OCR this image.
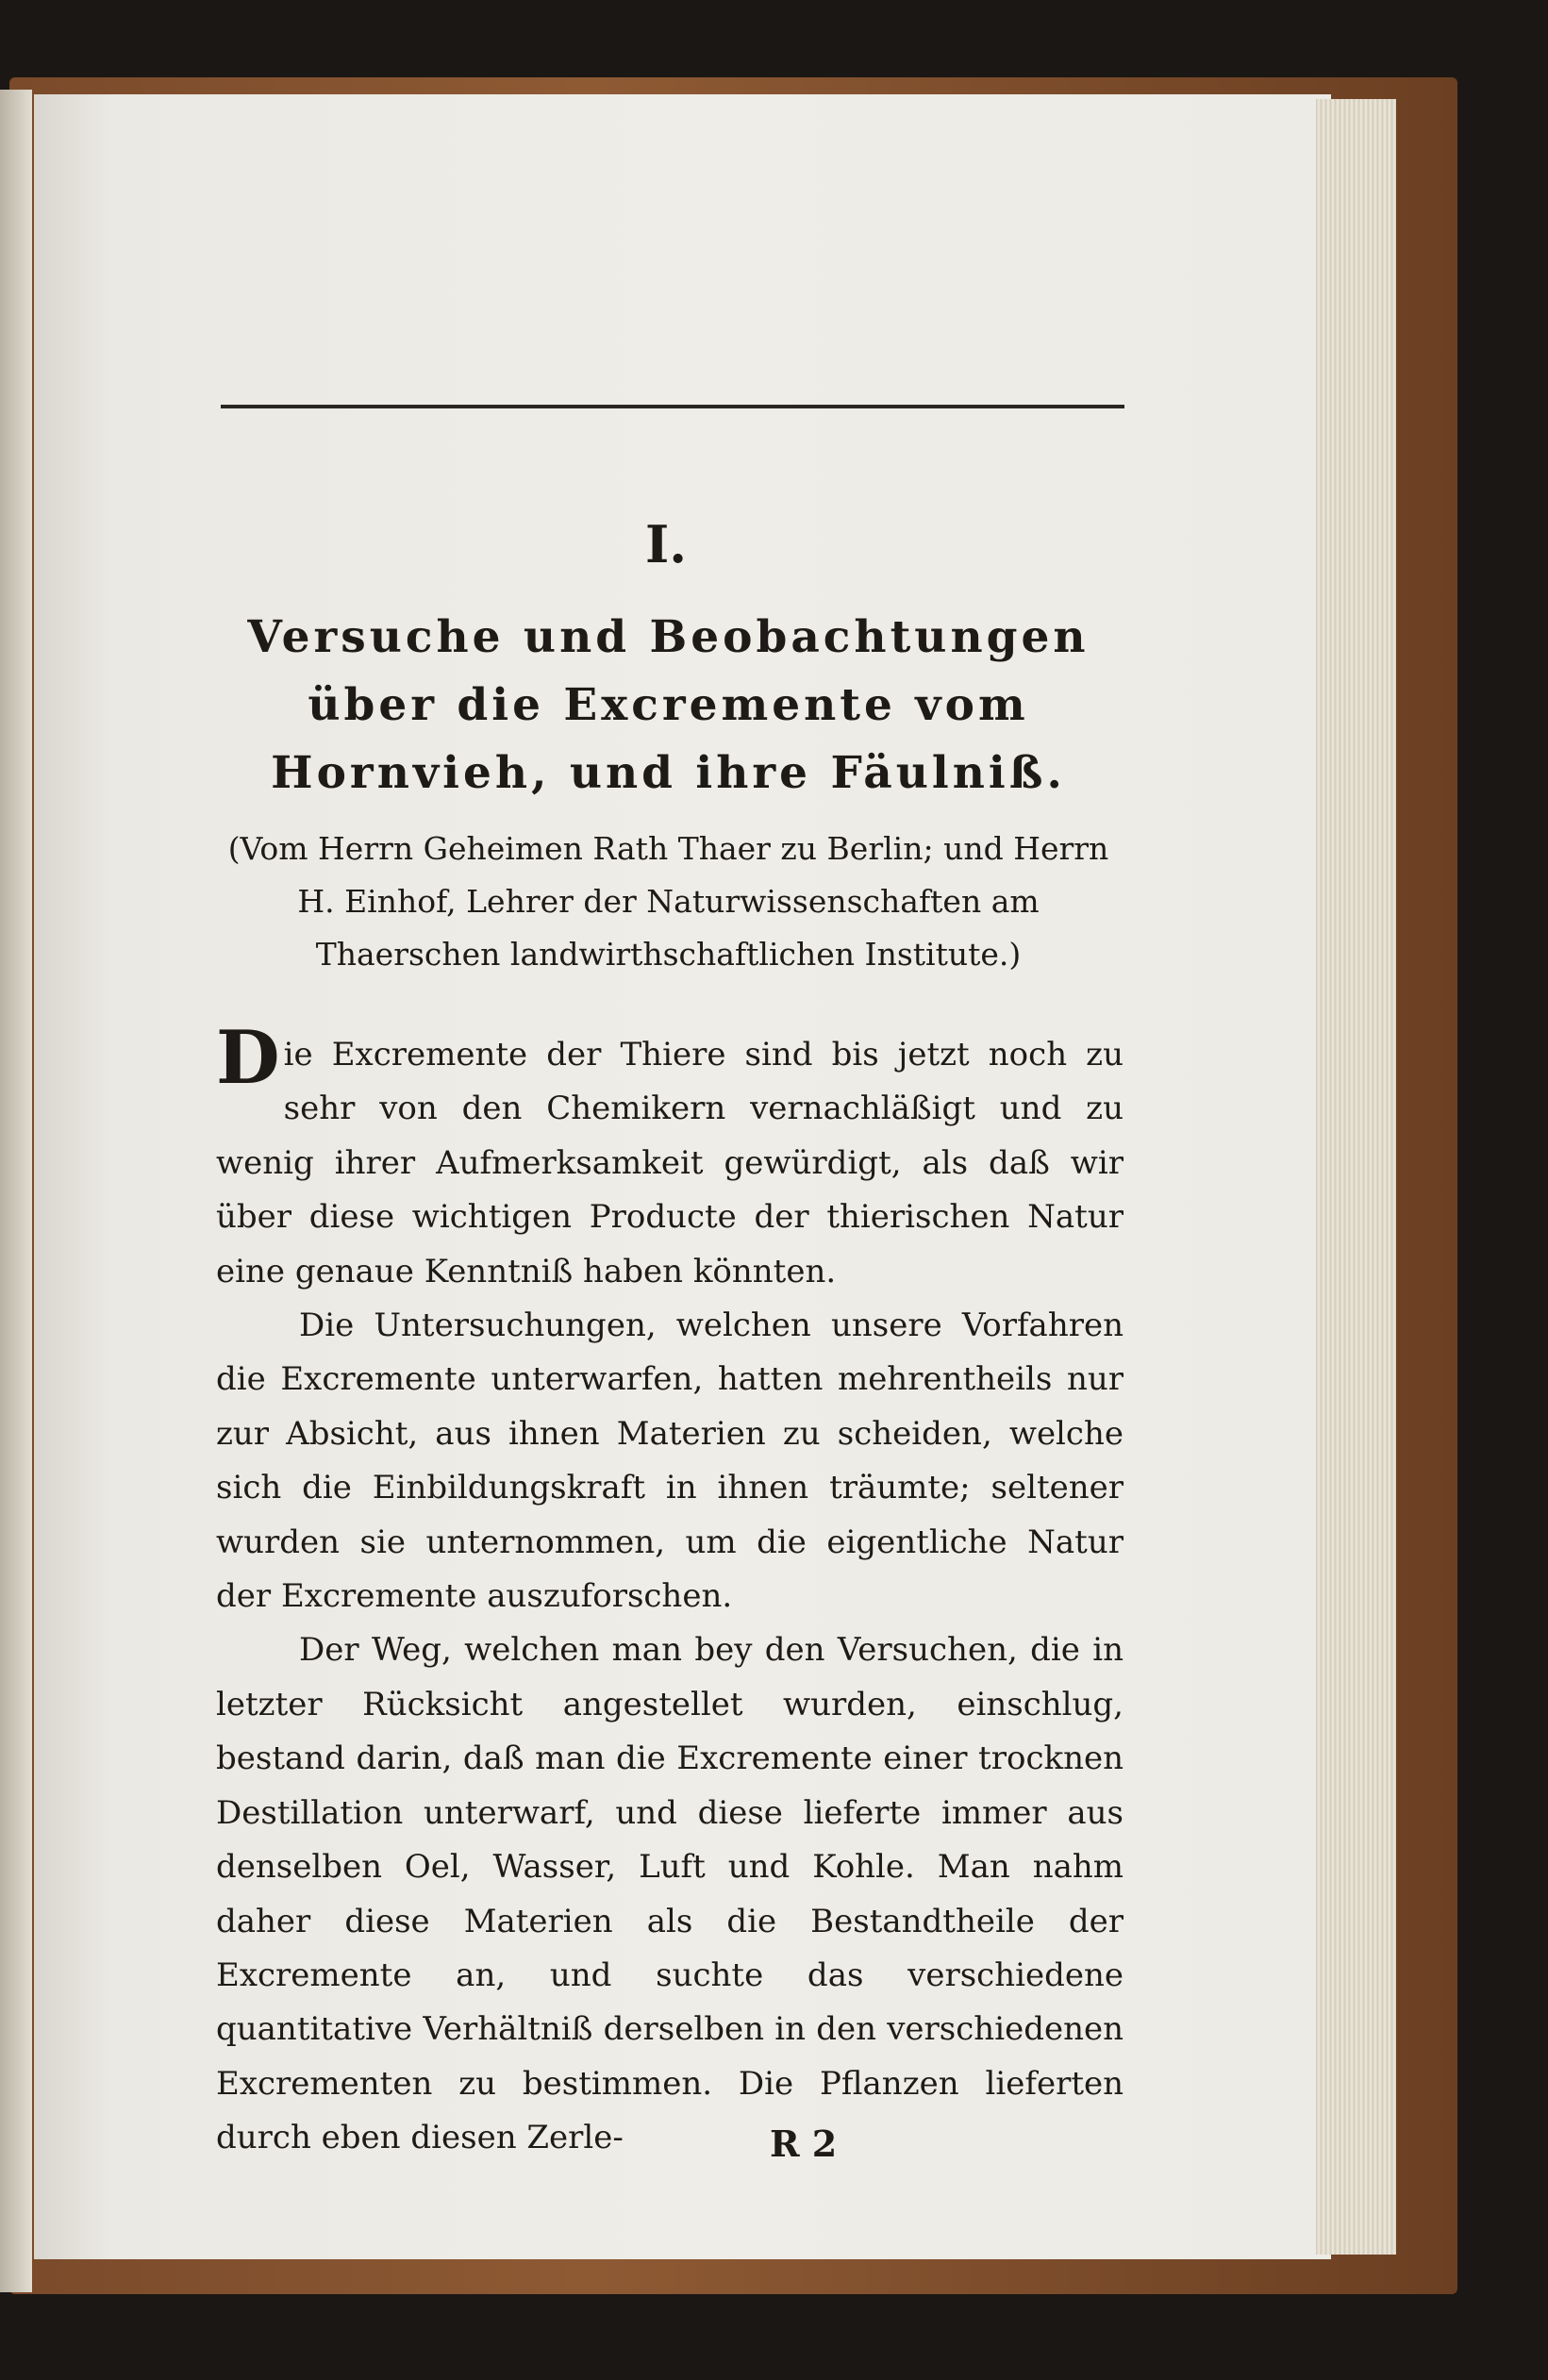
I.
Versuche und Beobachtungen über die Excremente vom Hornvieh, und ihre Fäulniß.
(Vom Herrn Geheimen Rath Thaer zu Berlin; und Herrn H. Einhof, Lehrer der Naturwissenschaften am Thaerschen landwirthschaftlichen Institute.)

Die Excremente der Thiere sind bis jetzt noch zu sehr von den Chemikern vernachläßigt und zu wenig ihrer Aufmerksamkeit gewürdigt, als daß wir über diese wichtigen Producte der thierischen Natur eine genaue Kenntniß haben könnten.

Die Untersuchungen, welchen unsere Vorfahren die Excremente unterwarfen, hatten mehrentheils nur zur Absicht, aus ihnen Materien zu scheiden, welche sich die Einbildungskraft in ihnen träumte; seltener wurden sie unternommen, um die eigentliche Natur der Excremente auszuforschen.

Der Weg, welchen man bey den Versuchen, die in letzter Rücksicht angestellet wurden, einschlug, bestand darin, daß man die Excremente einer trocknen Destillation unterwarf, und diese lieferte immer aus denselben Oel, Wasser, Luft und Kohle. Man nahm daher diese Materien als die Bestandtheile der Excremente an, und suchte das verschiedene quantitative Verhältniß derselben in den verschiedenen Excrementen zu bestimmen. Die Pflanzen lieferten durch eben diesen Zerle-	R 2
